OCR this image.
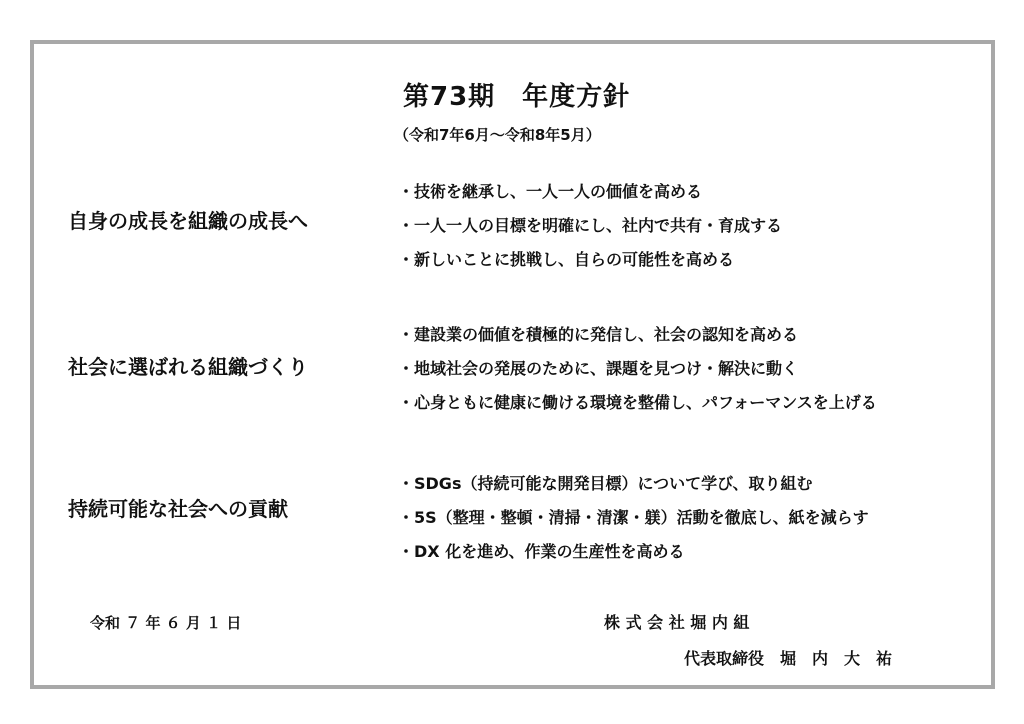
第73期　年度方針
（令和7年6月～令和8年5月）
自身の成長を組織の成長へ
・技術を継承し、一人一人の価値を高める
・一人一人の目標を明確にし、社内で共有・育成する
・新しいことに挑戦し、自らの可能性を高める
社会に選ばれる組織づくり
・建設業の価値を積極的に発信し、社会の認知を高める
・地域社会の発展のために、課題を見つけ・解決に動く
・心身ともに健康に働ける環境を整備し、パフォーマンスを上げる
持続可能な社会への貢献
・SDGs（持続可能な開発目標）について学び、取り組む
・5S（整理・整頓・清掃・清潔・躾）活動を徹底し、紙を減らす
・DX 化を進め、作業の生産性を高める
令和 ７ 年 ６ 月 １ 日	株 式 会 社 堀 内 組
代表取締役　堀　内　大　祐
